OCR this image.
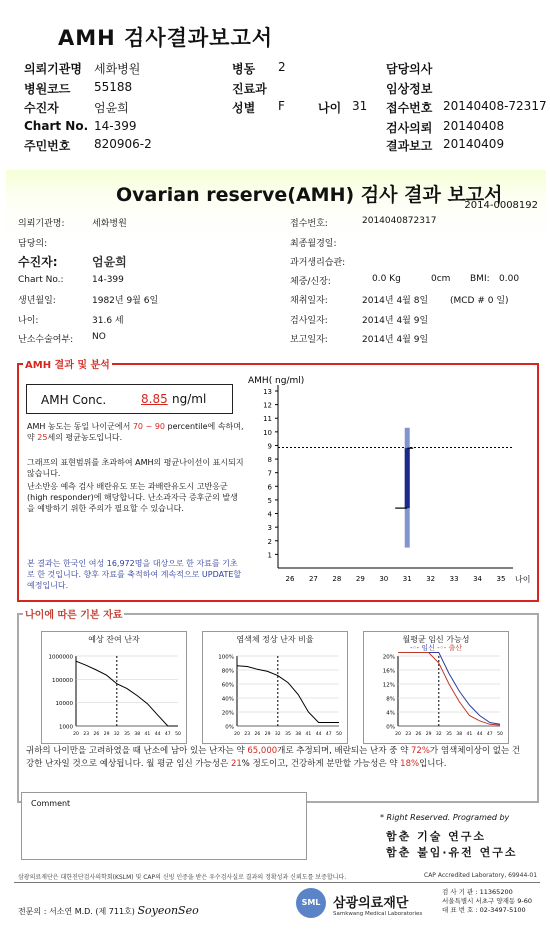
AMH 검사결과보고서
의뢰기관명 세화병원	병동 2	담당의사
병원코드 55188	진료과	임상정보
수진자	엄윤희	성별 F	나이 31 접수번호 20140408-72317
Chart No. 14-399	검사의뢰 20140408
주민번호 820906-2	결과보고 20140409
Ovarian reserve(AMH) 검사 결과 보고서
2014-0008192
의뢰기관명:	세화병원
담당의:
수진자:	엄윤희
Chart No.:	14-399
생년월일:	1982년 9월 6일
나이:	31.6 세
난소수술여부: NO
접수번호:	2014040872317
최종월경일:
과거생리습관:
체중/신장:	0.0 Kg	0cm BMI: 0.00
채취일자:	2014년 4월 8일 (MCD # 0 일)
검사일자:	2014년 4월 9일
보고일자:	2014년 4월 9일
AMH 결과 및 분석
AMH Conc.	8.85 ng/ml
AMH 농도는 동일 나이군에서 70 ~ 90 percentile에 속하며, 약 25세의 평균농도입니다.
그래프의 표현범위를 초과하여 AMH의 평균나이선이 표시되지 않습니다.
난소반응 예측 검사 배란유도 또는 과배란유도시 고반응군 (high responder)에 해당합니다. 난소과자극 증후군의 발생을 예방하기 위한 주의가 필요할 수 있습니다.
본 결과는 한국인 여성 16,972명을 대상으로 한 자료를 기초로 한 것입니다. 향후 자료를 축적하여 계속적으로 UPDATE할 예정입니다.
AMH( ng/ml)
1
2
3
4
5
6
7
8
9
10
11
12
13
26 27 28 29 30 31 32 33 34 35 나이
나이에 따른 기본 자료
예상 잔여 난자
1000
10000
100000
1000000
20 23 26 29 32 35 38 41 44 47 50
염색체 정상 난자 비율
0%
20%
40%
60%
80%
100%
20 23 26 29 32 35 38 41 44 47 50
월평균 임신 가능성
-◦- 임신 -◦- 출산
0%
4%
8%
12%
16%
20%
20 23 26 29 32 35 38 41 44 47 50
귀하의 나이만을 고려하였을 때 난소에 남아 있는 난자는 약 65,000개로 추정되며, 배란되는 난자 중 약 72%가 염색체이상이 없는 건강한 난자일 것으로 예상됩니다. 월 평균 임신 가능성은 21% 정도이고, 건강하게 분만할 가능성은 약 18%입니다.
Comment
* Right Reserved. Programed by
함춘 기술 연구소
함춘 불임·유전 연구소
삼광의료재단은 대한진단검사의학회(KSLM) 및 CAP의 신빙 인증을 받은 우수검사실로 결과의 정확성과 신뢰도를 보증합니다.	CAP Accredited Laboratory, 69944-01
전문의 : 서소연 M.D. (제 711호) SoyeonSeo
SML 삼광의료재단
Samkwang Medical Laboratories
검 사 기 관 : 11365200
서울특별시 서초구 양재동 9-60
대 표 번 호 : 02-3497-5100
